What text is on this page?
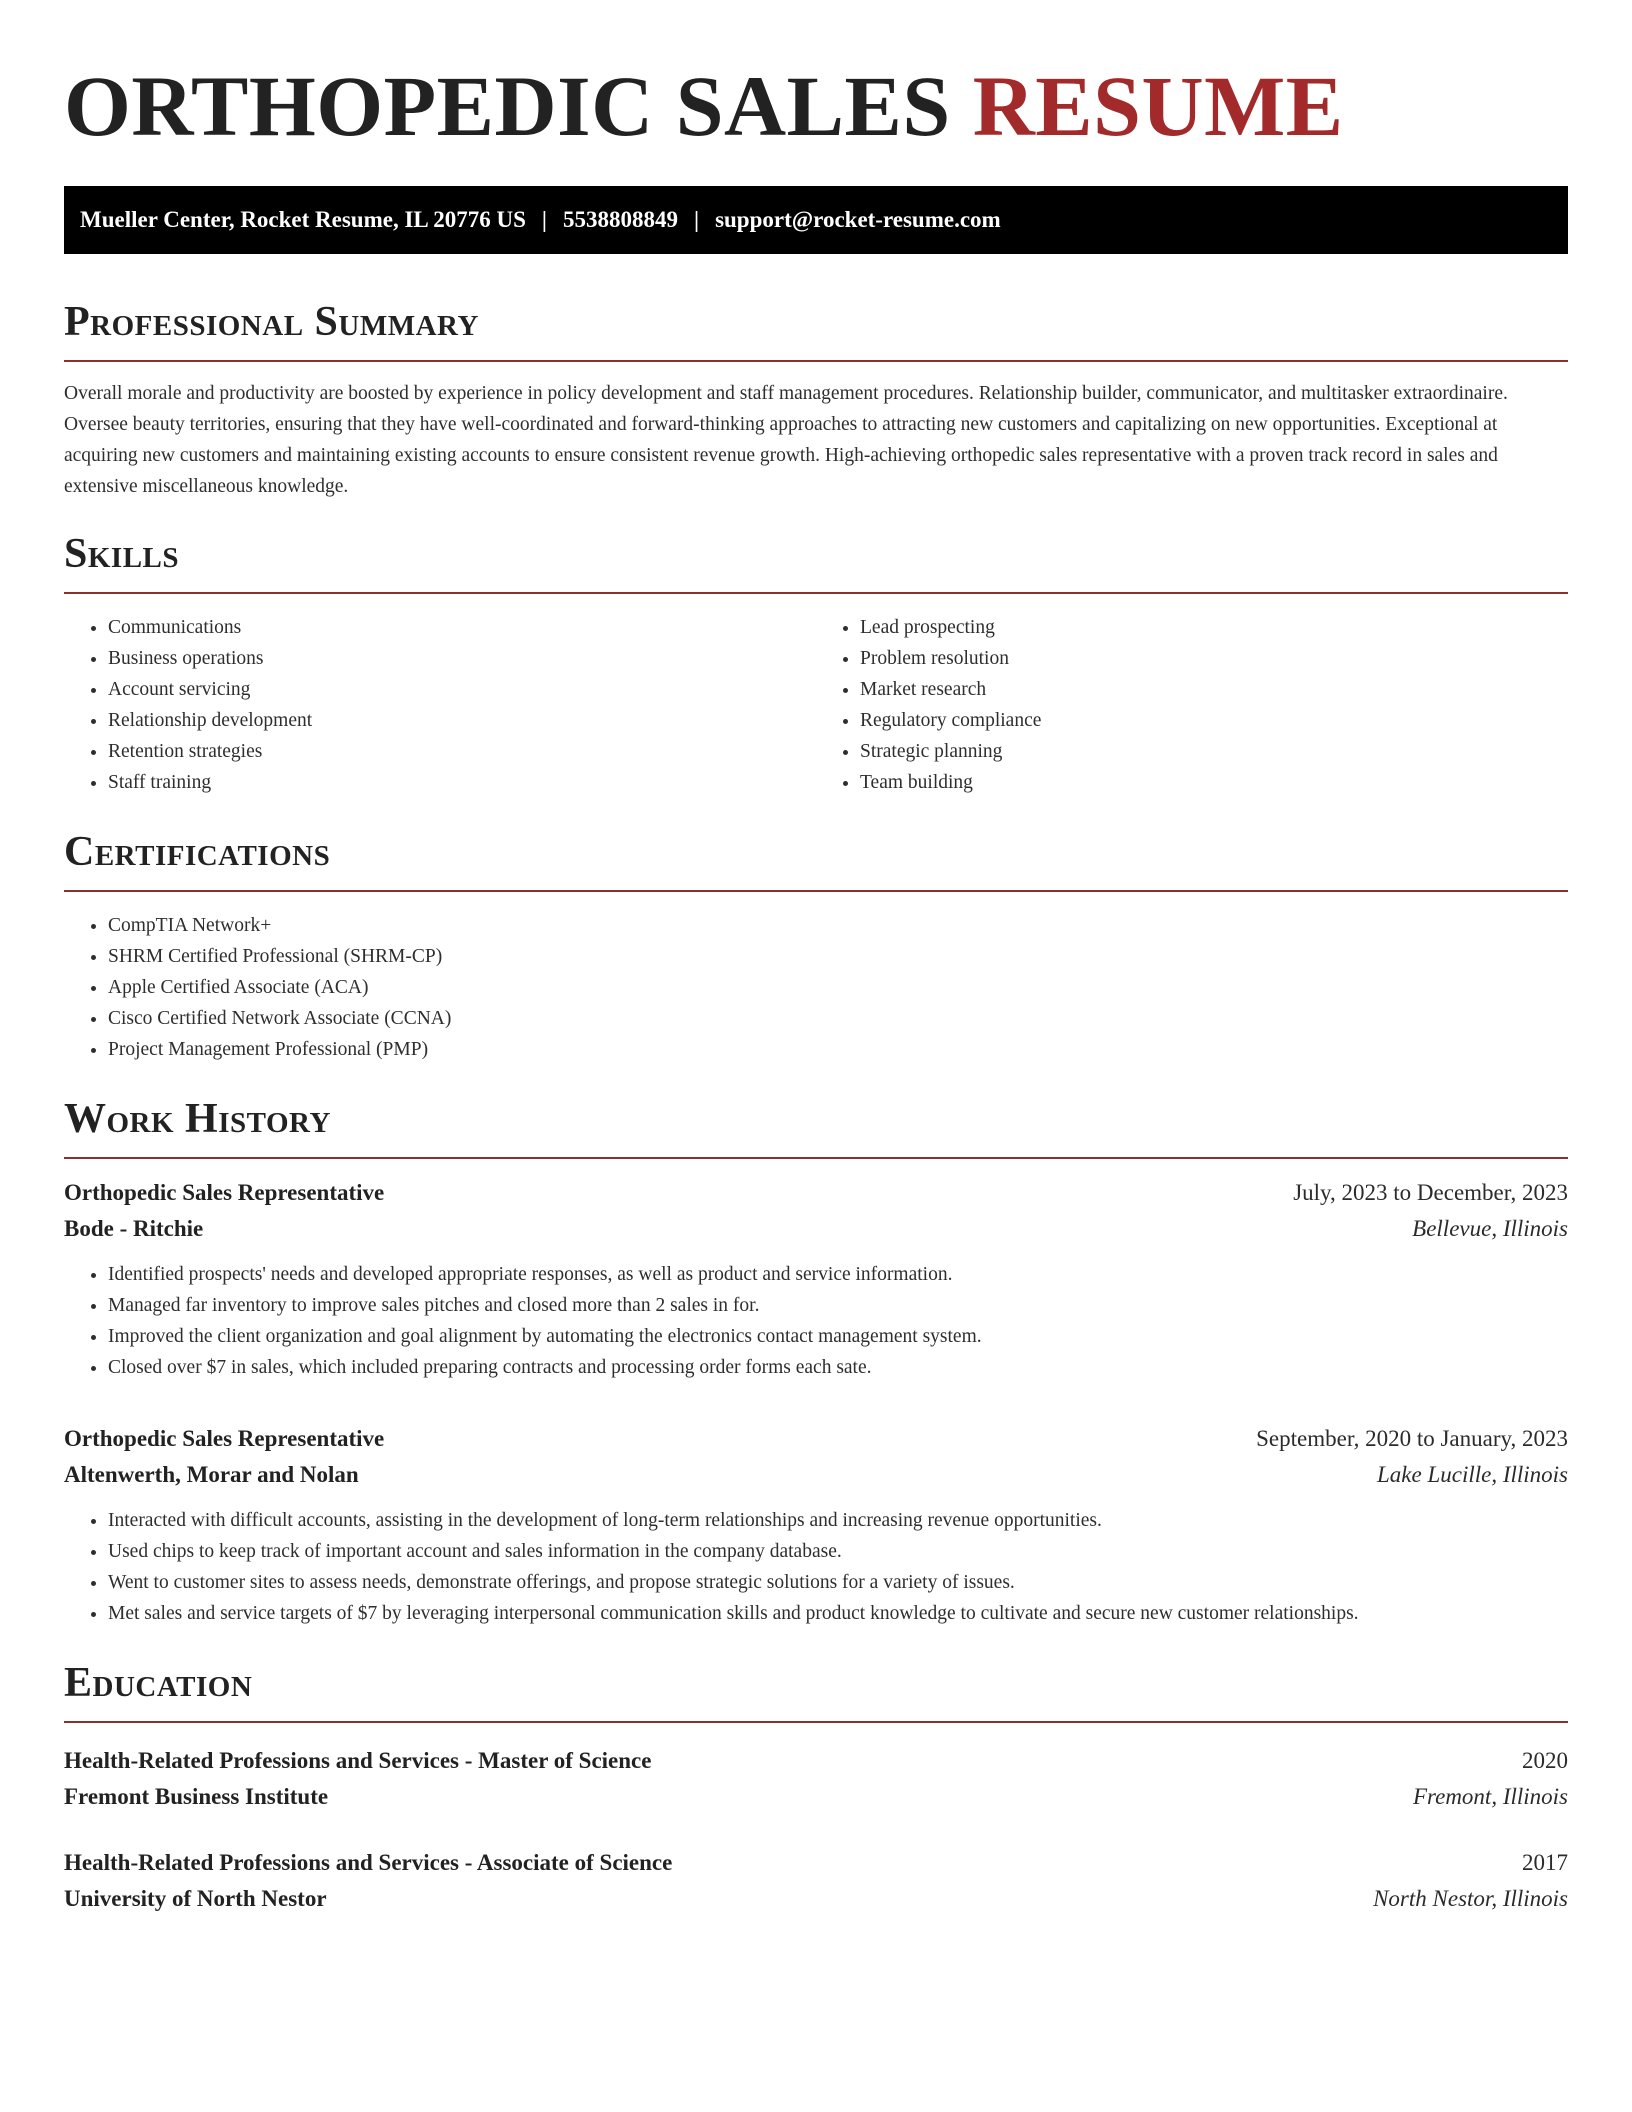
ORTHOPEDIC SALES RESUME
Mueller Center, Rocket Resume, IL 20776 US | 5538808849 | support@rocket-resume.com
Professional Summary

Overall morale and productivity are boosted by experience in policy development and staff management procedures. Relationship builder, communicator, and multitasker extraordinaire. Oversee beauty territories, ensuring that they have well-coordinated and forward-thinking approaches to attracting new customers and capitalizing on new opportunities. Exceptional at acquiring new customers and maintaining existing accounts to ensure consistent revenue growth. High-achieving orthopedic sales representative with a proven track record in sales and extensive miscellaneous knowledge.

Skills
• Communications
• Business operations
• Account servicing
• Relationship development
• Retention strategies
• Staff training
• Lead prospecting
• Problem resolution
• Market research
• Regulatory compliance
• Strategic planning
• Team building
Certifications
• CompTIA Network+
• SHRM Certified Professional (SHRM-CP)
• Apple Certified Associate (ACA)
• Cisco Certified Network Associate (CCNA)
• Project Management Professional (PMP)
Work History
Orthopedic Sales Representative	July, 2023 to December, 2023
Bode - Ritchie	Bellevue, Illinois
• Identified prospects' needs and developed appropriate responses, as well as product and service information.
• Managed far inventory to improve sales pitches and closed more than 2 sales in for.
• Improved the client organization and goal alignment by automating the electronics contact management system.
• Closed over $7 in sales, which included preparing contracts and processing order forms each sate.
Orthopedic Sales Representative	September, 2020 to January, 2023
Altenwerth, Morar and Nolan	Lake Lucille, Illinois
• Interacted with difficult accounts, assisting in the development of long-term relationships and increasing revenue opportunities.
• Used chips to keep track of important account and sales information in the company database.
• Went to customer sites to assess needs, demonstrate offerings, and propose strategic solutions for a variety of issues.
• Met sales and service targets of $7 by leveraging interpersonal communication skills and product knowledge to cultivate and secure new customer relationships.
Education
Health-Related Professions and Services - Master of Science	2020
Fremont Business Institute	Fremont, Illinois
Health-Related Professions and Services - Associate of Science	2017
University of North Nestor	North Nestor, Illinois
